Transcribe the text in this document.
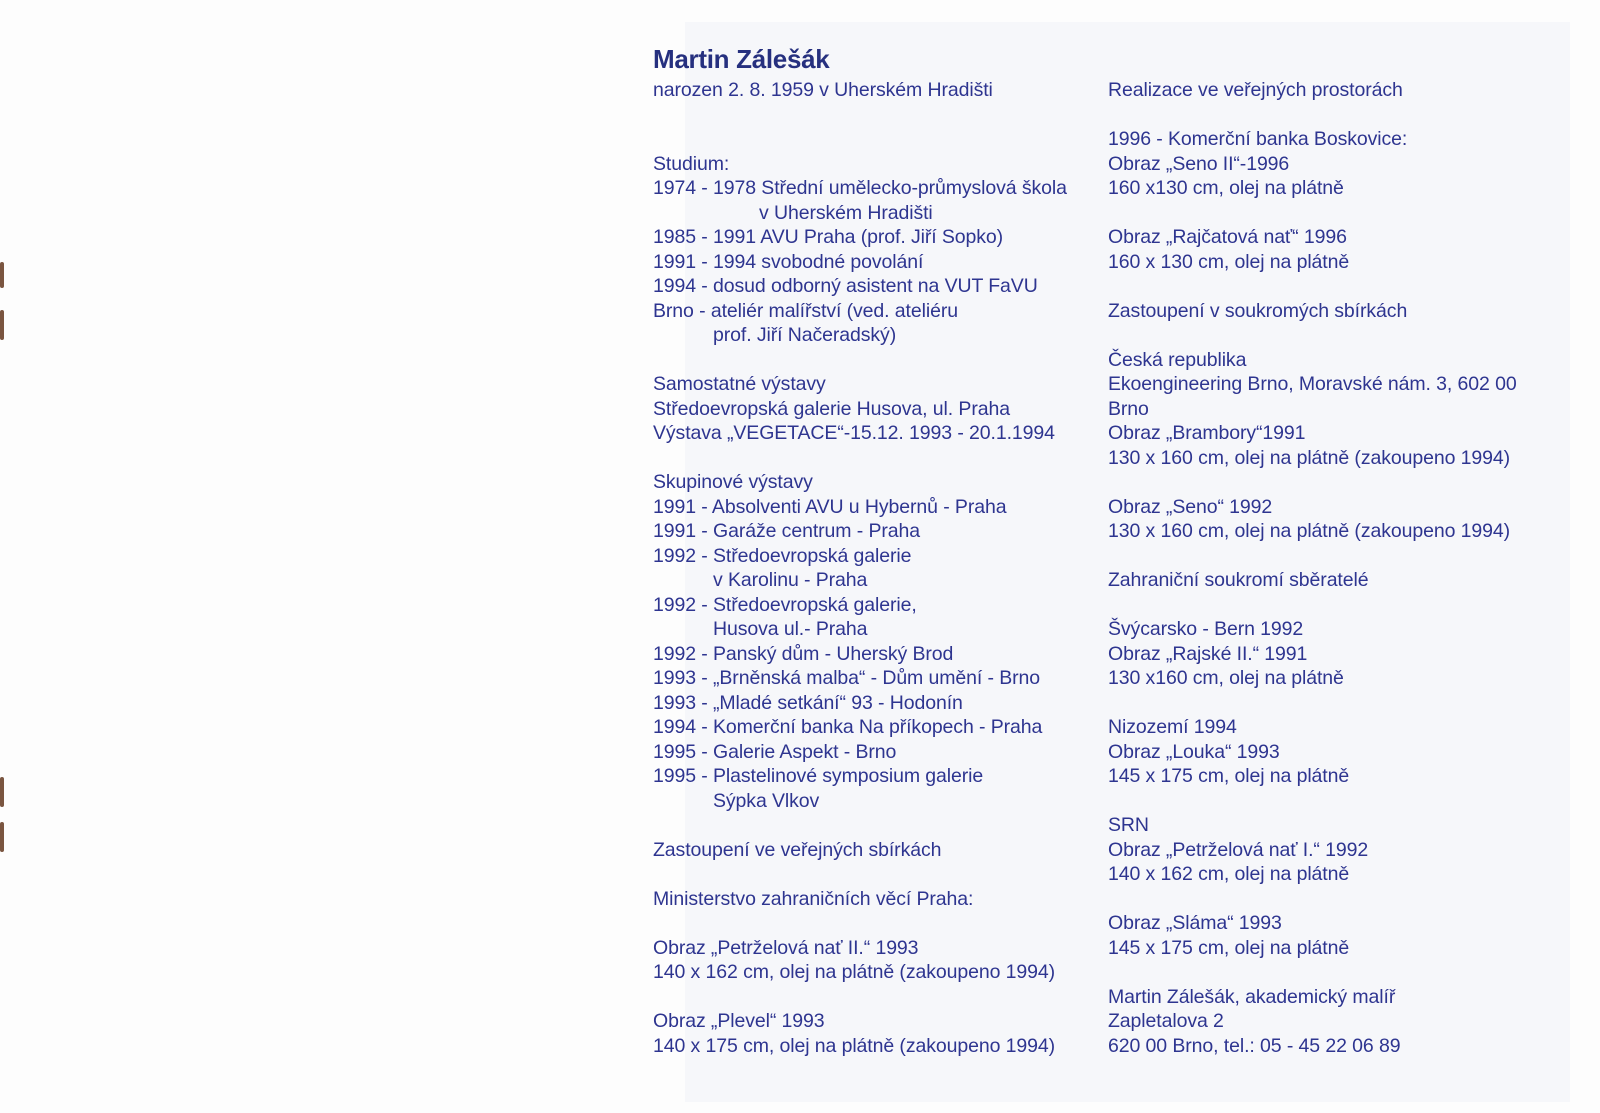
Martin Zálešák
narozen 2. 8. 1959 v Uherském Hradišti
Studium:
1974 - 1978 Střední umělecko-průmyslová škola
v Uherském Hradišti
1985 - 1991 AVU Praha (prof. Jiří Sopko)
1991 - 1994 svobodné povolání
1994 - dosud odborný asistent na VUT FaVU
Brno - ateliér malířství (ved. ateliéru
prof. Jiří Načeradský)
Samostatné výstavy
Středoevropská galerie Husova, ul. Praha
Výstava „VEGETACE“-15.12. 1993 - 20.1.1994
Skupinové výstavy
1991 - Absolventi AVU u Hybernů - Praha
1991 - Garáže centrum - Praha
1992 - Středoevropská galerie
v Karolinu - Praha
1992 - Středoevropská galerie,
Husova ul.- Praha
1992 - Panský dům - Uherský Brod
1993 - „Brněnská malba“ - Dům umění - Brno
1993 - „Mladé setkání“ 93 - Hodonín
1994 - Komerční banka Na příkopech - Praha
1995 - Galerie Aspekt - Brno
1995 - Plastelinové symposium galerie
Sýpka Vlkov
Zastoupení ve veřejných sbírkách
Ministerstvo zahraničních věcí Praha:
Obraz „Petrželová nať II.“ 1993
140 x 162 cm, olej na plátně (zakoupeno 1994)
Obraz „Plevel“ 1993
140 x 175 cm, olej na plátně (zakoupeno 1994)
Realizace ve veřejných prostorách
1996 - Komerční banka Boskovice:
Obraz „Seno II“-1996
160 x130 cm, olej na plátně
Obraz „Rajčatová nať“ 1996
160 x 130 cm, olej na plátně
Zastoupení v soukromých sbírkách
Česká republika
Ekoengineering Brno, Moravské nám. 3, 602 00
Brno
Obraz „Brambory“1991
130 x 160 cm, olej na plátně (zakoupeno 1994)
Obraz „Seno“ 1992
130 x 160 cm, olej na plátně (zakoupeno 1994)
Zahraniční soukromí sběratelé
Švýcarsko - Bern 1992
Obraz „Rajské II.“ 1991
130 x160 cm, olej na plátně
Nizozemí 1994
Obraz „Louka“ 1993
145 x 175 cm, olej na plátně
SRN
Obraz „Petrželová nať I.“ 1992
140 x 162 cm, olej na plátně
Obraz „Sláma“ 1993
145 x 175 cm, olej na plátně
Martin Zálešák, akademický malíř
Zapletalova 2
620 00 Brno, tel.: 05 - 45 22 06 89
